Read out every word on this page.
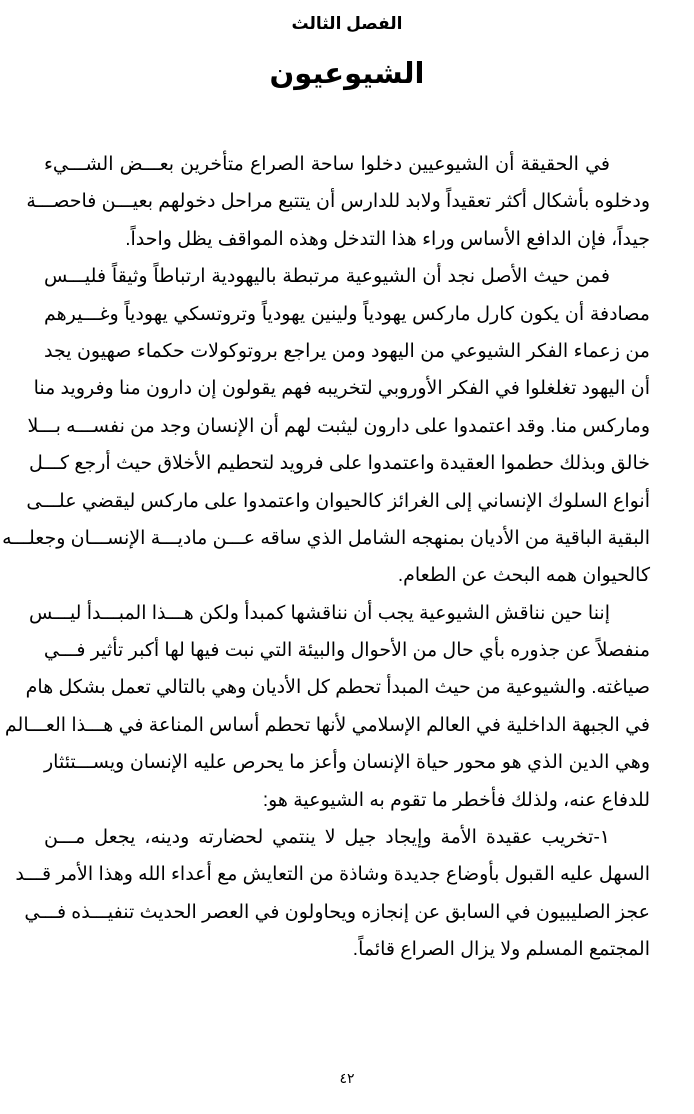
الفصل الثالث
الشيوعيون
في الحقيقة أن الشيوعيين دخلوا ساحة الصراع متأخرين بعـــض الشـــيء
ودخلوه بأشكال أكثر تعقيداً ولابد للدارس أن يتتبع مراحل دخولهم بعيـــن فاحصـــة
جيداً، فإن الدافع الأساس وراء هذا التدخل وهذه المواقف يظل واحداً.
فمن حيث الأصل نجد أن الشيوعية مرتبطة باليهودية ارتباطاً وثيقاً فليـــس
مصادفة أن يكون كارل ماركس يهودياً ولينين يهودياً وتروتسكي يهودياً وغـــيرهم
من زعماء الفكر الشيوعي من اليهود ومن يراجع بروتوكولات حكماء صهيون يجد
أن اليهود تغلغلوا في الفكر الأوروبي لتخريبه فهم يقولون إن دارون منا وفرويد منا
وماركس منا. وقد اعتمدوا على دارون ليثبت لهم أن الإنسان وجد من نفســـه بـــلا
خالق وبذلك حطموا العقيدة واعتمدوا على فرويد لتحطيم الأخلاق حيث أرجع كـــل
أنواع السلوك الإنساني إلى الغرائز كالحيوان واعتمدوا على ماركس ليقضي علـــى
البقية الباقية من الأديان بمنهجه الشامل الذي ساقه عـــن ماديـــة الإنســـان وجعلـــه
كالحيوان همه البحث عن الطعام.
إننا حين نناقش الشيوعية يجب أن نناقشها كمبدأ ولكن هـــذا المبـــدأ ليـــس
منفصلاً عن جذوره بأي حال من الأحوال والبيئة التي نبت فيها لها أكبر تأثير فـــي
صياغته. والشيوعية من حيث المبدأ تحطم كل الأديان وهي بالتالي تعمل بشكل هام
في الجبهة الداخلية في العالم الإسلامي لأنها تحطم أساس المناعة في هـــذا العـــالم
وهي الدين الذي هو محور حياة الإنسان وأعز ما يحرص عليه الإنسان ويســـتئثار
للدفاع عنه، ولذلك فأخطر ما تقوم به الشيوعية هو:
١-تخريب عقيدة الأمة وإيجاد جيل لا ينتمي لحضارته ودينه، يجعل مـــن
السهل عليه القبول بأوضاع جديدة وشاذة من التعايش مع أعداء الله وهذا الأمر قـــد
عجز الصليبيون في السابق عن إنجازه ويحاولون في العصر الحديث تنفيـــذه فـــي
المجتمع المسلم ولا يزال الصراع قائماً.
٤٢
